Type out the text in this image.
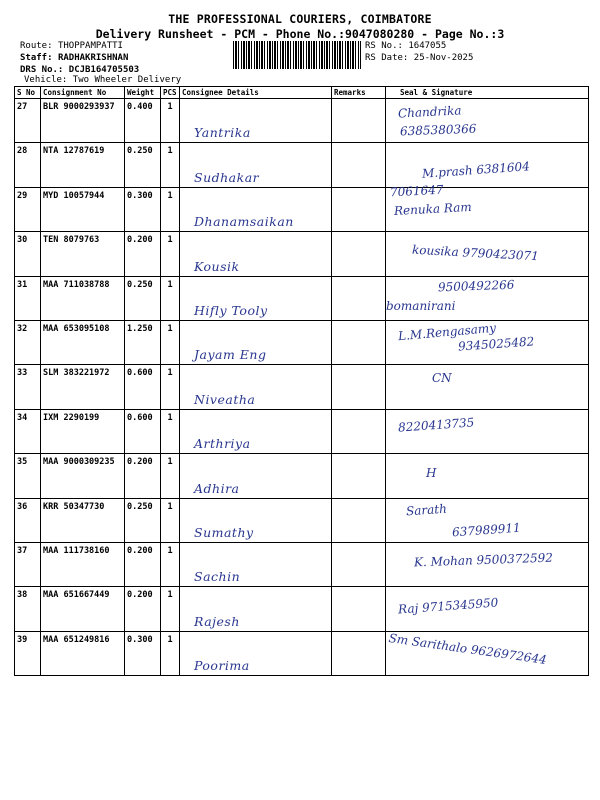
THE PROFESSIONAL COURIERS, COIMBATORE
Delivery Runsheet - PCM - Phone No.:9047080280 - Page No.:3
Route: THOPPAMPATTI
Staff: RADHAKRISHNAN
DRS No.: DCJB164705503
Vehicle: Two Wheeler Delivery
RS No.: 1647055
RS Date: 25-Nov-2025
S No	Consignment No	Weight	PCS	Consignee Details	Remarks	Seal & Signature
27	BLR 9000293937	0.400	1	Yantrika		Chandrika
6385380366

28	NTA 12787619	0.250	1	Sudhakar		M.prash 6381604

29	MYD 10057944	0.300	1	Dhanamsaikan		7061647
Renuka Ram

30	TEN 8079763	0.200	1	Kousik		kousika 9790423071

31	MAA 711038788	0.250	1	Hifly Tooly		9500492266
bomanirani

32	MAA 653095108	1.250	1	Jayam Eng		L.M.Rengasamy
9345025482

33	SLM 383221972	0.600	1	Niveatha		CN

34	IXM 2290199	0.600	1	Arthriya		8220413735

35	MAA 9000309235	0.200	1	Adhira		H

36	KRR 50347730	0.250	1	Sumathy		Sarath
637989911

37	MAA 111738160	0.200	1	Sachin		K. Mohan 9500372592

38	MAA 651667449	0.200	1	Rajesh		Raj 9715345950

39	MAA 651249816	0.300	1	Poorima		Sm Sarithalo 9626972644
